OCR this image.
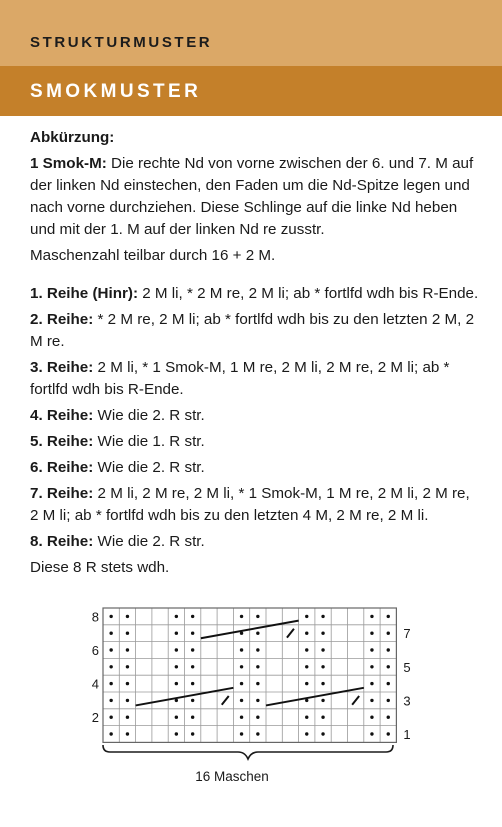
STRUKTURMUSTER
SMOKMUSTER

Abkürzung:

1 Smok-M: Die rechte Nd von vorne zwischen der 6. und 7. M auf der linken Nd einstechen, den Faden um die Nd-Spitze legen und nach vorne durchziehen. Diese Schlinge auf die linke Nd heben und mit der 1. M auf der linken Nd re zusstr.

Maschenzahl teilbar durch 16 + 2 M.

1. Reihe (Hinr): 2 M li, * 2 M re, 2 M li; ab * fortlfd wdh bis R-Ende.

2. Reihe: * 2 M re, 2 M li; ab * fortlfd wdh bis zu den letzten 2 M, 2 M re.

3. Reihe: 2 M li, * 1 Smok-M, 1 M re, 2 M li, 2 M re, 2 M li; ab * fortlfd wdh bis R-Ende.

4. Reihe: Wie die 2. R str.

5. Reihe: Wie die 1. R str.

6. Reihe: Wie die 2. R str.

7. Reihe: 2 M li, 2 M re, 2 M li, * 1 Smok-M, 1 M re, 2 M li, 2 M re, 2 M li; ab * fortlfd wdh bis zu den letzten 4 M, 2 M re, 2 M li.

8. Reihe: Wie die 2. R str.

Diese 8 R stets wdh.

2
4
6
8
1
3
5
7
16 Maschen
